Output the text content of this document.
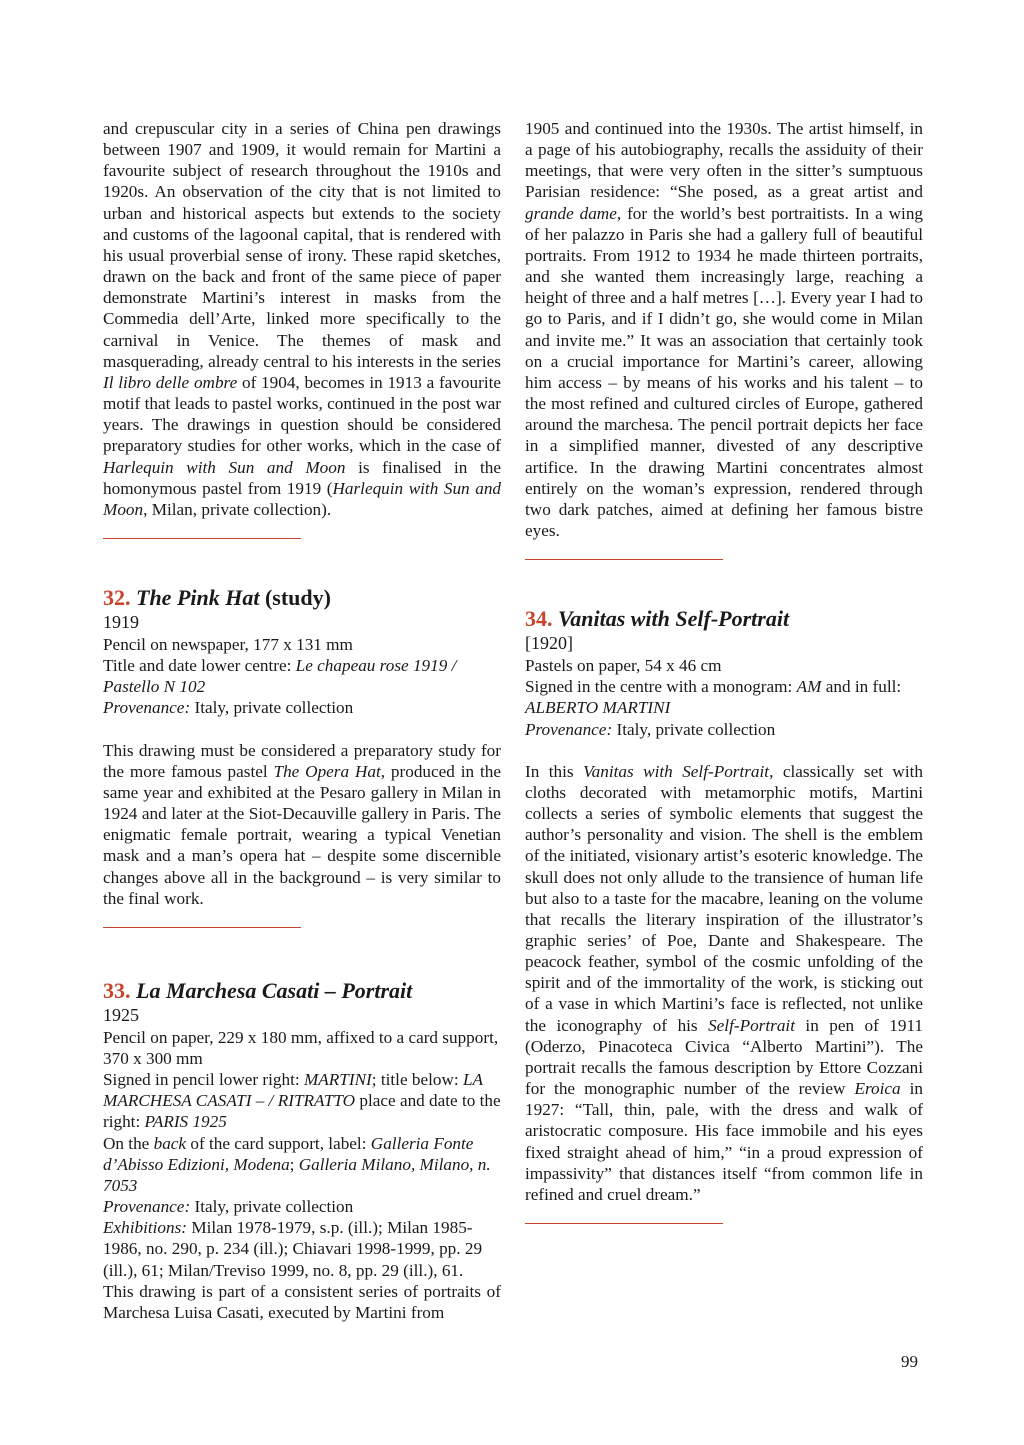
and crepuscular city in a series of China pen drawings between 1907 and 1909, it would remain for Martini a favourite subject of research throughout the 1910s and 1920s. An observation of the city that is not limited to urban and historical aspects but extends to the society and customs of the lagoonal capital, that is rendered with his usual proverbial sense of irony. These rapid sketches, drawn on the back and front of the same piece of paper demonstrate Martini’s interest in masks from the Commedia dell’Arte, linked more specifically to the carnival in Venice. The themes of mask and masquerading, already central to his interests in the series Il libro delle ombre of 1904, becomes in 1913 a favourite motif that leads to pastel works, continued in the post war years. The drawings in question should be considered preparatory studies for other works, which in the case of Harlequin with Sun and Moon is finalised in the homonymous pastel from 1919 (Harlequin with Sun and Moon, Milan, private collection).

32. The Pink Hat (study)
1919
Pencil on newspaper, 177 x 131 mm
Title and date lower centre: Le chapeau rose 1919 / Pastello N 102
Provenance: Italy, private collection

This drawing must be considered a preparatory study for the more famous pastel The Opera Hat, produced in the same year and exhibited at the Pesaro gallery in Milan in 1924 and later at the Siot-Decauville gallery in Paris. The enigmatic female portrait, wearing a typical Venetian mask and a man’s opera hat – despite some discernible changes above all in the background – is very similar to the final work.

33. La Marchesa Casati – Portrait
1925
Pencil on paper, 229 x 180 mm, affixed to a card support, 370 x 300 mm
Signed in pencil lower right: MARTINI; title below: LA MARCHESA CASATI – / RITRATTO place and date to the right: PARIS 1925
On the back of the card support, label: Galleria Fonte d’Abisso Edizioni, Modena; Galleria Milano, Milano, n. 7053
Provenance: Italy, private collection
Exhibitions: Milan 1978-1979, s.p. (ill.); Milan 1985-1986, no. 290, p. 234 (ill.); Chiavari 1998-1999, pp. 29 (ill.), 61; Milan/Treviso 1999, no. 8, pp. 29 (ill.), 61.

This drawing is part of a consistent series of portraits of Marchesa Luisa Casati, executed by Martini from

1905 and continued into the 1930s. The artist himself, in a page of his autobiography, recalls the assiduity of their meetings, that were very often in the sitter’s sumptuous Parisian residence: “She posed, as a great artist and grande dame, for the world’s best portraitists. In a wing of her palazzo in Paris she had a gallery full of beautiful portraits. From 1912 to 1934 he made thirteen portraits, and she wanted them increasingly large, reaching a height of three and a half metres […]. Every year I had to go to Paris, and if I didn’t go, she would come in Milan and invite me.” It was an association that certainly took on a crucial importance for Martini’s career, allowing him access – by means of his works and his talent – to the most refined and cultured circles of Europe, gathered around the marchesa. The pencil portrait depicts her face in a simplified manner, divested of any descriptive artifice. In the drawing Martini concentrates almost entirely on the woman’s expression, rendered through two dark patches, aimed at defining her famous bistre eyes.

34. Vanitas with Self-Portrait
[1920]
Pastels on paper, 54 x 46 cm
Signed in the centre with a monogram: AM and in full: ALBERTO MARTINI
Provenance: Italy, private collection

In this Vanitas with Self-Portrait, classically set with cloths decorated with metamorphic motifs, Martini collects a series of symbolic elements that suggest the author’s personality and vision. The shell is the emblem of the initiated, visionary artist’s esoteric knowledge. The skull does not only allude to the transience of human life but also to a taste for the macabre, leaning on the volume that recalls the literary inspiration of the illustrator’s graphic series’ of Poe, Dante and Shakespeare. The peacock feather, symbol of the cosmic unfolding of the spirit and of the immortality of the work, is sticking out of a vase in which Martini’s face is reflected, not unlike the iconography of his Self-Portrait in pen of 1911 (Oderzo, Pinacoteca Civica “Alberto Martini”). The portrait recalls the famous description by Ettore Cozzani for the monographic number of the review Eroica in 1927: “Tall, thin, pale, with the dress and walk of aristocratic composure. His face immobile and his eyes fixed straight ahead of him,” “in a proud expression of impassivity” that distances itself “from common life in refined and cruel dream.”

99
